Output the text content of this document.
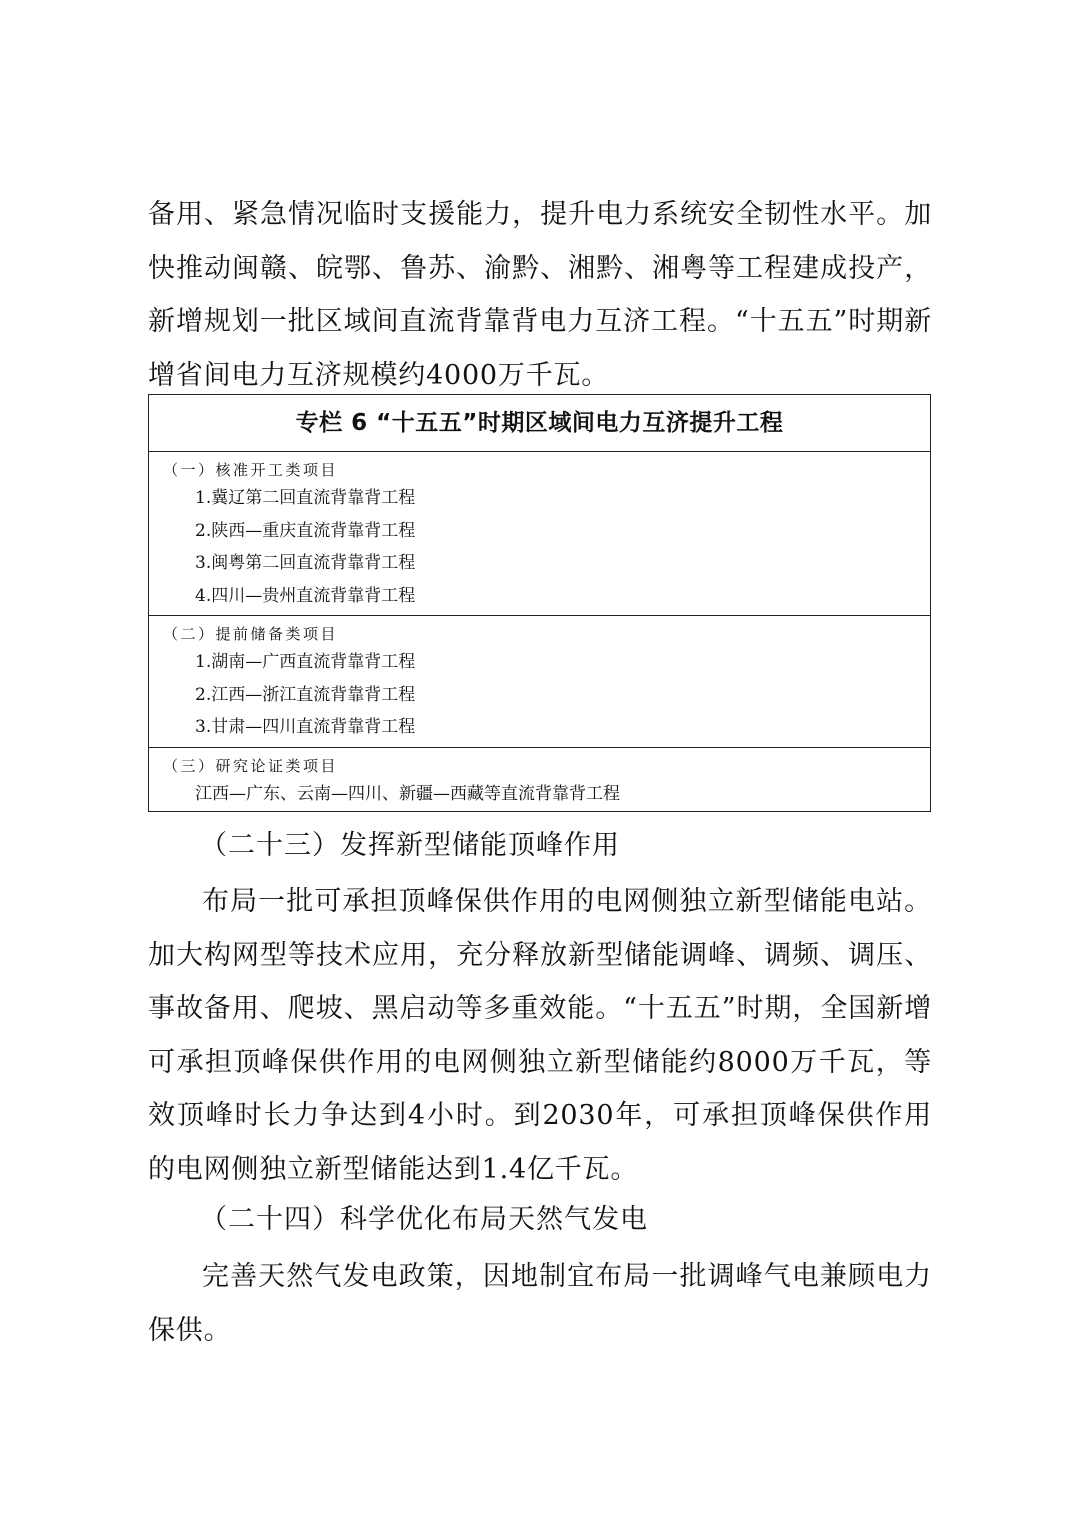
备用、紧急情况临时支援能力，提升电力系统安全韧性水平。加快推动闽赣、皖鄂、鲁苏、渝黔、湘黔、湘粤等工程建成投产，新增规划一批区域间直流背靠背电力互济工程。“十五五”时期新增省间电力互济规模约4000万千瓦。

专栏 6 “十五五”时期区域间电力互济提升工程

（一）核准开工类项目

1.冀辽第二回直流背靠背工程
2.陕西—重庆直流背靠背工程
3.闽粤第二回直流背靠背工程
4.四川—贵州直流背靠背工程

（二）提前储备类项目

1.湖南—广西直流背靠背工程
2.江西—浙江直流背靠背工程
3.甘肃—四川直流背靠背工程

（三）研究论证类项目

江西—广东、云南—四川、新疆—西藏等直流背靠背工程
（二十三）发挥新型储能顶峰作用

布局一批可承担顶峰保供作用的电网侧独立新型储能电站。加大构网型等技术应用，充分释放新型储能调峰、调频、调压、事故备用、爬坡、黑启动等多重效能。“十五五”时期，全国新增可承担顶峰保供作用的电网侧独立新型储能约8000万千瓦，等效顶峰时长力争达到4小时。到2030年，可承担顶峰保供作用的电网侧独立新型储能达到1.4亿千瓦。

（二十四）科学优化布局天然气发电

完善天然气发电政策，因地制宜布局一批调峰气电兼顾电力保供。
